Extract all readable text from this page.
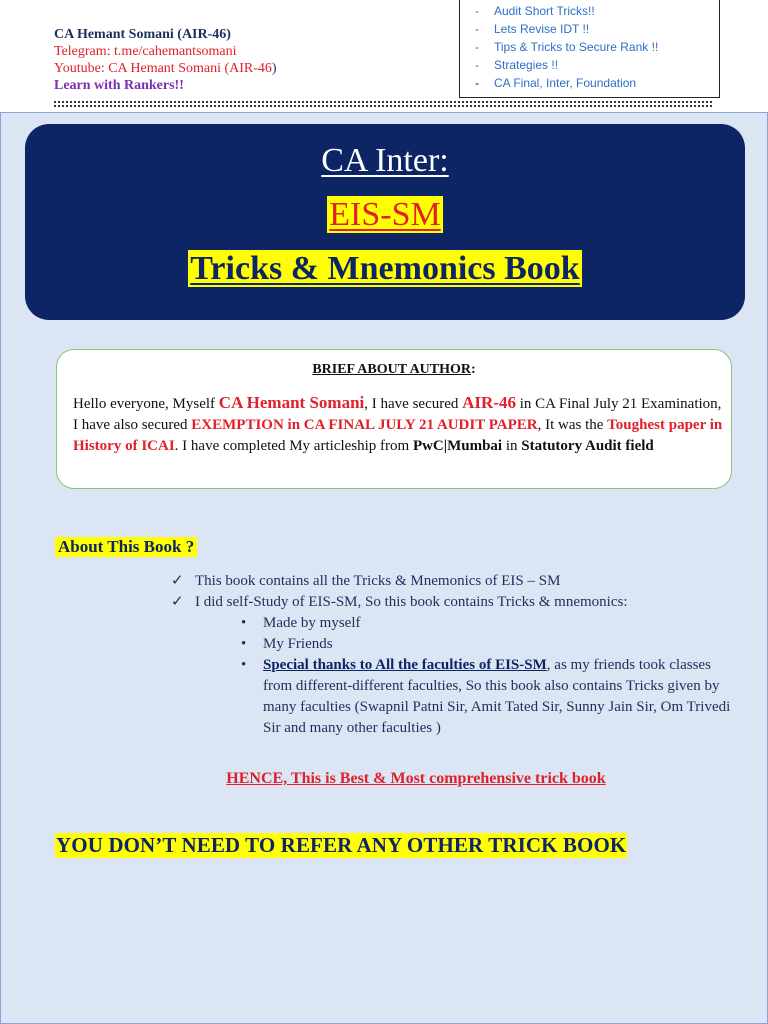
CA Hemant Somani (AIR-46)
Telegram: t.me/cahemantsomani
Youtube: CA Hemant Somani (AIR-46)
Learn with Rankers!!
-	Audit Short Tricks!!
-	Lets Revise IDT !!
-	Tips & Tricks to Secure Rank !!
-	Strategies !!
-	CA Final, Inter, Foundation
CA Inter:
EIS-SM
Tricks & Mnemonics Book
BRIEF ABOUT AUTHOR:
Hello everyone, Myself CA Hemant Somani, I have secured AIR-46 in CA Final July 21 Examination, I have also secured EXEMPTION in CA FINAL JULY 21 AUDIT PAPER, It was the Toughest paper in History of ICAI. I have completed My articleship from PwC|Mumbai in Statutory Audit field
About This Book ?
✓ This book contains all the Tricks & Mnemonics of EIS – SM
✓ I did self-Study of EIS-SM, So this book contains Tricks & mnemonics:
• Made by myself
• My Friends
• Special thanks to All the faculties of EIS-SM, as my friends took classes from different-different faculties, So this book also contains Tricks given by many faculties (Swapnil Patni Sir, Amit Tated Sir, Sunny Jain Sir, Om Trivedi Sir and many other faculties )
HENCE, This is Best & Most comprehensive trick book
YOU DON’T NEED TO REFER ANY OTHER TRICK BOOK
